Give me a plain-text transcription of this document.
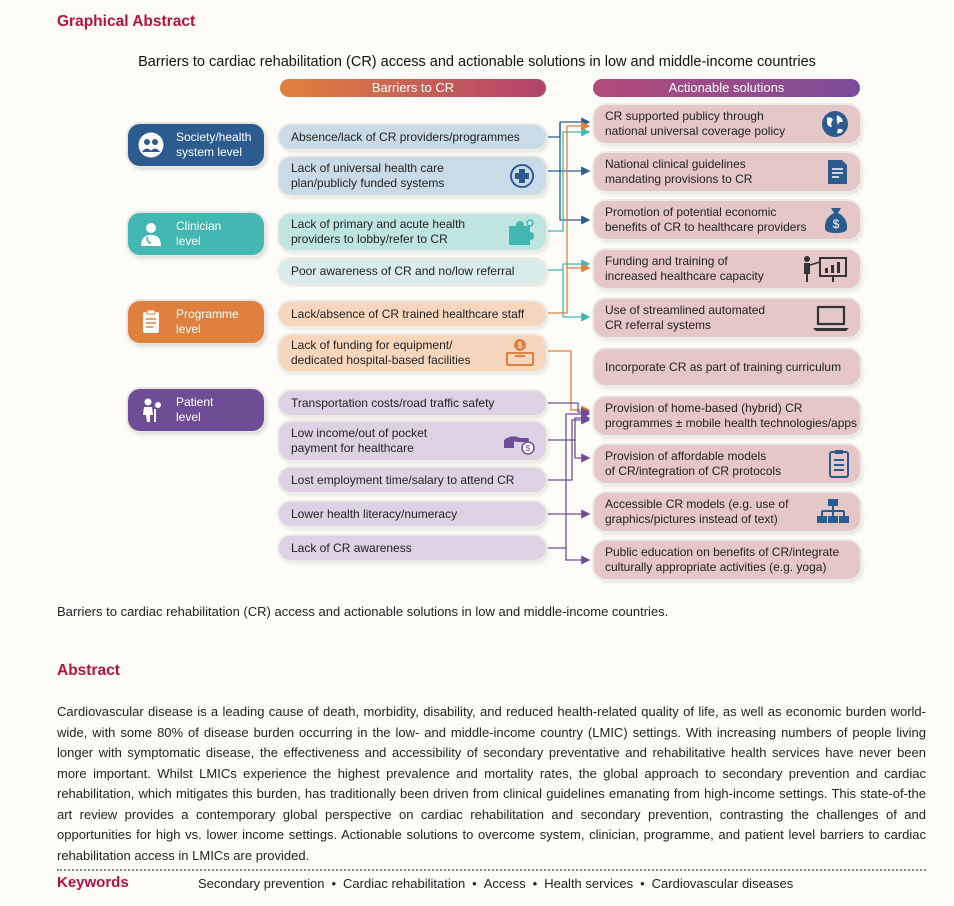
Graphical Abstract
Barriers to cardiac rehabilitation (CR) access and actionable solutions in low and middle-income countries
Barriers to CR	Actionable solutions
Society/health
system level
Clinician
level
Programme
level
Patient
level
Absence/lack of CR providers/programmes
Lack of universal health care
plan/publicly funded systems
Lack of primary and acute health
providers to lobby/refer to CR
Poor awareness of CR and no/low referral
Lack/absence of CR trained healthcare staff
Lack of funding for equipment/
dedicated hospital-based facilities
$
Transportation costs/road traffic safety
Low income/out of pocket
payment for healthcare	$
Lost employment time/salary to attend CR
Lower health literacy/numeracy
Lack of CR awareness
CR supported publicy through
national universal coverage policy
National clinical guidelines
mandating provisions to CR
Promotion of potential economic
benefits of CR to healthcare providers $
Funding and training of
increased healthcare capacity
Use of streamlined automated
CR referral systems
Incorporate CR as part of training curriculum
Provision of home-based (hybrid) CR
programmes ± mobile health technologies/apps
Provision of affordable models
of CR/integration of CR protocols
Accessible CR models (e.g. use of
graphics/pictures instead of text)
Public education on benefits of CR/integrate
culturally appropriate activities (e.g. yoga)
Barriers to cardiac rehabilitation (CR) access and actionable solutions in low and middle-income countries.
Abstract
Cardiovascular disease is a leading cause of death, morbidity, disability, and reduced health-related quality of life, as well as economic burden world-wide, with some 80% of disease burden occurring in the low- and middle-income country (LMIC) settings. With increasing numbers of people living longer with symptomatic disease, the effectiveness and accessibility of secondary preventative and rehabilitative health services have never been more important. Whilst LMICs experience the highest prevalence and mortality rates, the global approach to secondary prevention and cardiac rehabilitation, which mitigates this burden, has traditionally been driven from clinical guidelines emanating from high-income settings. This state-of-the art review provides a contemporary global perspective on cardiac rehabilitation and secondary prevention, contrasting the challenges of and opportunities for high vs. lower income settings. Actionable solutions to overcome system, clinician, programme, and patient level barriers to cardiac rehabilitation access in LMICs are provided.
Keywords	Secondary prevention • Cardiac rehabilitation • Access • Health services • Cardiovascular diseases
